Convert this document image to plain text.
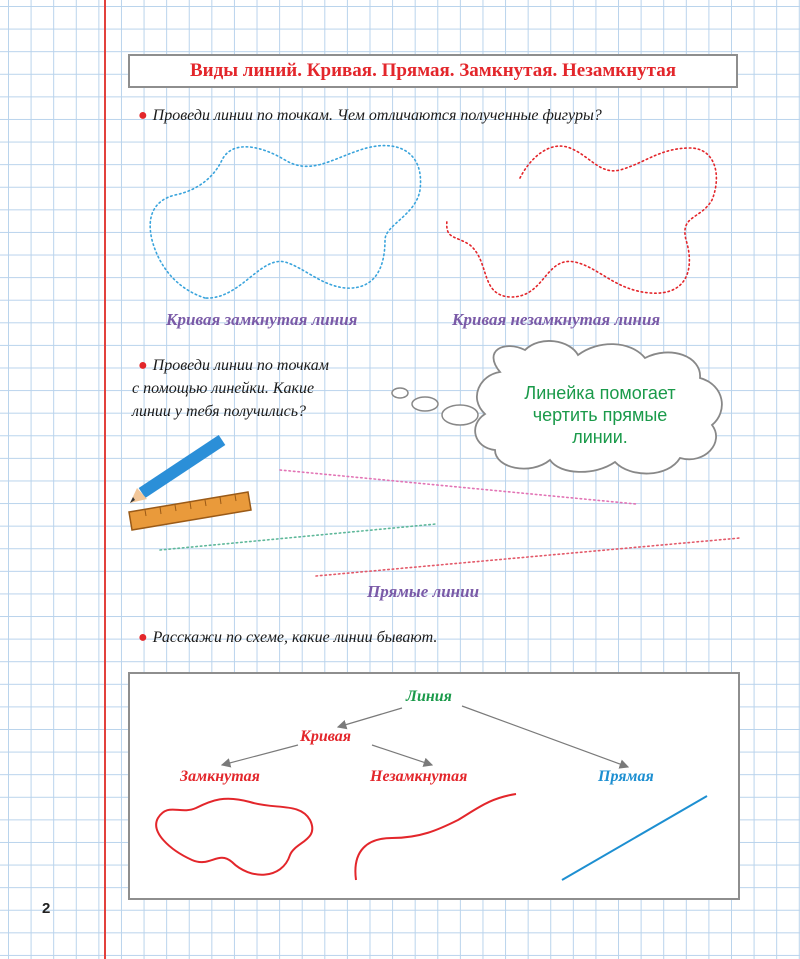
Виды линий. Кривая. Прямая. Замкнутая. Незамкнутая
● Проведи линии по точкам. Чем отличаются полученные фигуры?
Кривая замкнутая линия	Кривая незамкнутая линия
● Проведи линии по точкам
с помощью линейки. Какие
линии у тебя получились?
Линейка помогает
чертить прямые
линии.
Прямые линии
● Расскажи по схеме, какие линии бывают.
Линия
Кривая
Замкнутая	Незамкнутая	Прямая
2
